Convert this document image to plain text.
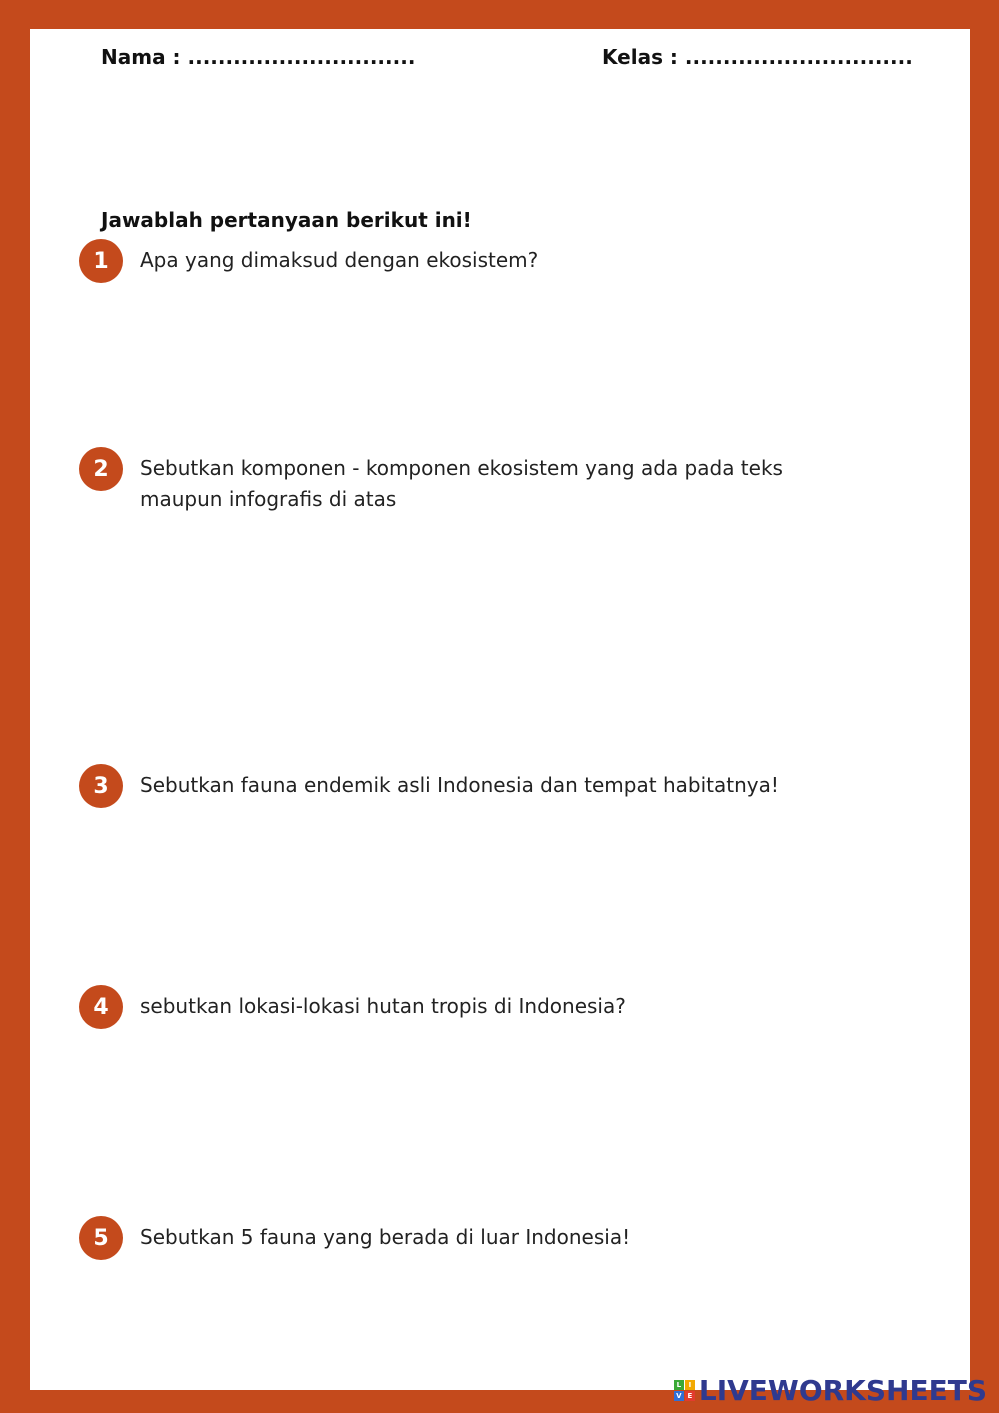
Nama : ..............................	Kelas : ..............................
Jawablah pertanyaan berikut ini!
1	Apa yang dimaksud dengan ekosistem?
2	Sebutkan komponen - komponen ekosistem yang ada pada teks maupun infografis di atas
3	Sebutkan fauna endemik asli Indonesia dan tempat habitatnya!
4	sebutkan lokasi-lokasi hutan tropis di Indonesia?
5	Sebutkan 5 fauna yang berada di luar Indonesia!
L	I
V E LIVEWORKSHEETS
